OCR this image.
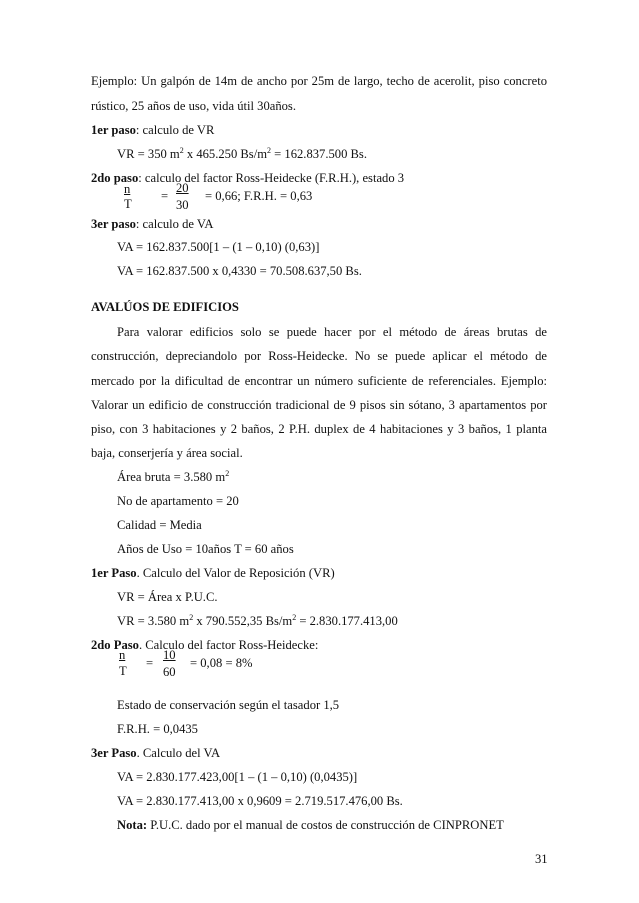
Ejemplo: Un galpón de 14m de ancho por 25m de largo, techo de acerolit, piso concreto
rústico, 25 años de uso, vida útil 30años.
1er paso: calculo de VR
VR = 350 $m^2$ x 465.250 $Bs/m^2 = 162.837.500$ Bs.
2do paso: calculo del factor Ross-Heidecke (F.R.H.), estado 3
n
T
=
20
30
= 0,66; F.R.H. = 0,63
3er paso: calculo de VA
VA = 162.837.500[1 – (1 – 0,10) (0,63)]
VA = 162.837.500 x 0,4330 = 70.508.637,50 Bs.
AVALÚOS DE EDIFICIOS
Para valorar edificios solo se puede hacer por el método de áreas brutas de
construcción, depreciandolo por Ross-Heidecke. No se puede aplicar el método de
mercado por la dificultad de encontrar un número suficiente de referenciales. Ejemplo:
Valorar un edificio de construcción tradicional de 9 pisos sin sótano, 3 apartamentos por
piso, con 3 habitaciones y 2 baños, 2 P.H. duplex de 4 habitaciones y 3 baños, 1 planta
baja, conserjería y área social.
Área bruta = 3.580 $m^2$
No de apartamento = 20
Calidad = Media
Años de Uso = 10años T = 60 años
1er Paso. Calculo del Valor de Reposición (VR)
VR = Área x P.U.C.
VR = 3.580 $m^2$ x 790.552,35 $Bs/m^2 = 2.830.177.413,00$
2do Paso. Calculo del factor Ross-Heidecke:
n
T
=
10
60
= 0,08 = 8%
Estado de conservación según el tasador 1,5
F.R.H. = 0,0435
3er Paso. Calculo del VA
VA = 2.830.177.423,00[1 – (1 – 0,10) (0,0435)]
VA = 2.830.177.413,00 x 0,9609 = 2.719.517.476,00 Bs.
Nota: P.U.C. dado por el manual de costos de construcción de CINPRONET
31
